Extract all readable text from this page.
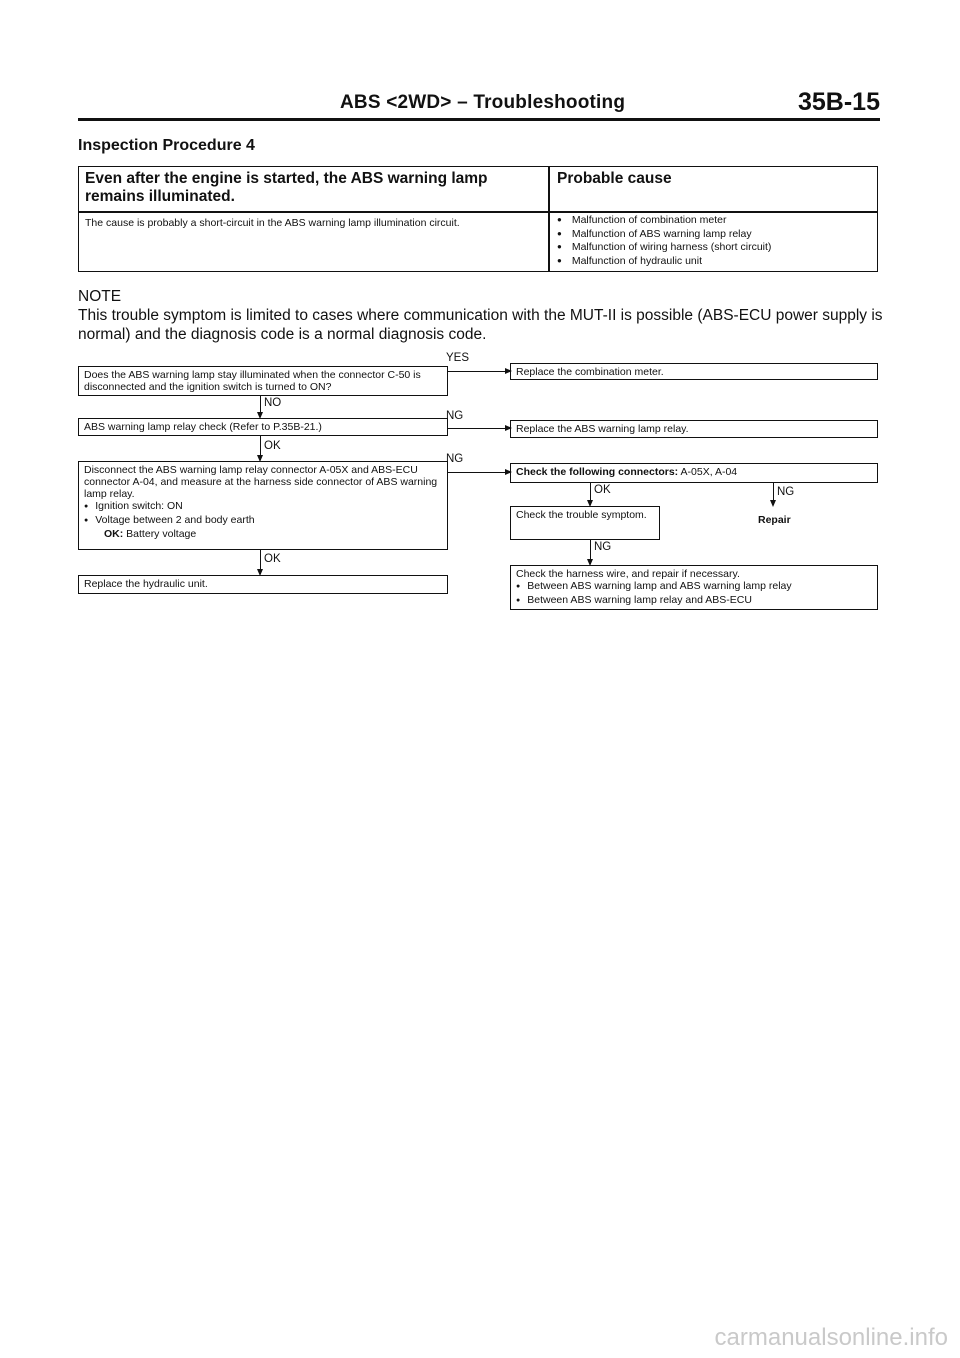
ABS <2WD> – Troubleshooting	35B-15
Inspection Procedure 4
Even after the engine is started, the ABS warning lamp remains illuminated.
Probable cause
The cause is probably a short-circuit in the ABS warning lamp illumination circuit.
●	Malfunction of combination meter
● Malfunction of ABS warning lamp relay
● Malfunction of wiring harness (short circuit)
● Malfunction of hydraulic unit
NOTE
This trouble symptom is limited to cases where communication with the MUT-II is possible (ABS-ECU power supply is normal) and the diagnosis code is a normal diagnosis code.
Does the ABS warning lamp stay illuminated when the connector C-50 is disconnected and the ignition switch is turned to ON?
YES
Replace the combination meter.
NO
ABS warning lamp relay check (Refer to P.35B-21.)
NG
Replace the ABS warning lamp relay.
OK
Disconnect the ABS warning lamp relay connector A-05X and ABS-ECU connector A-04, and measure at the harness side connector of ABS warning lamp relay.
● Ignition switch: ON
● Voltage between 2 and body earth
OK: Battery voltage
NG
OK
Replace the hydraulic unit.
Check the following connectors: A-05X, A-04
OK	NG
Repair
Check the trouble symptom.
NG
Check the harness wire, and repair if necessary.
● Between ABS warning lamp and ABS warning lamp relay
● Between ABS warning lamp relay and ABS-ECU
carmanualsonline.info
